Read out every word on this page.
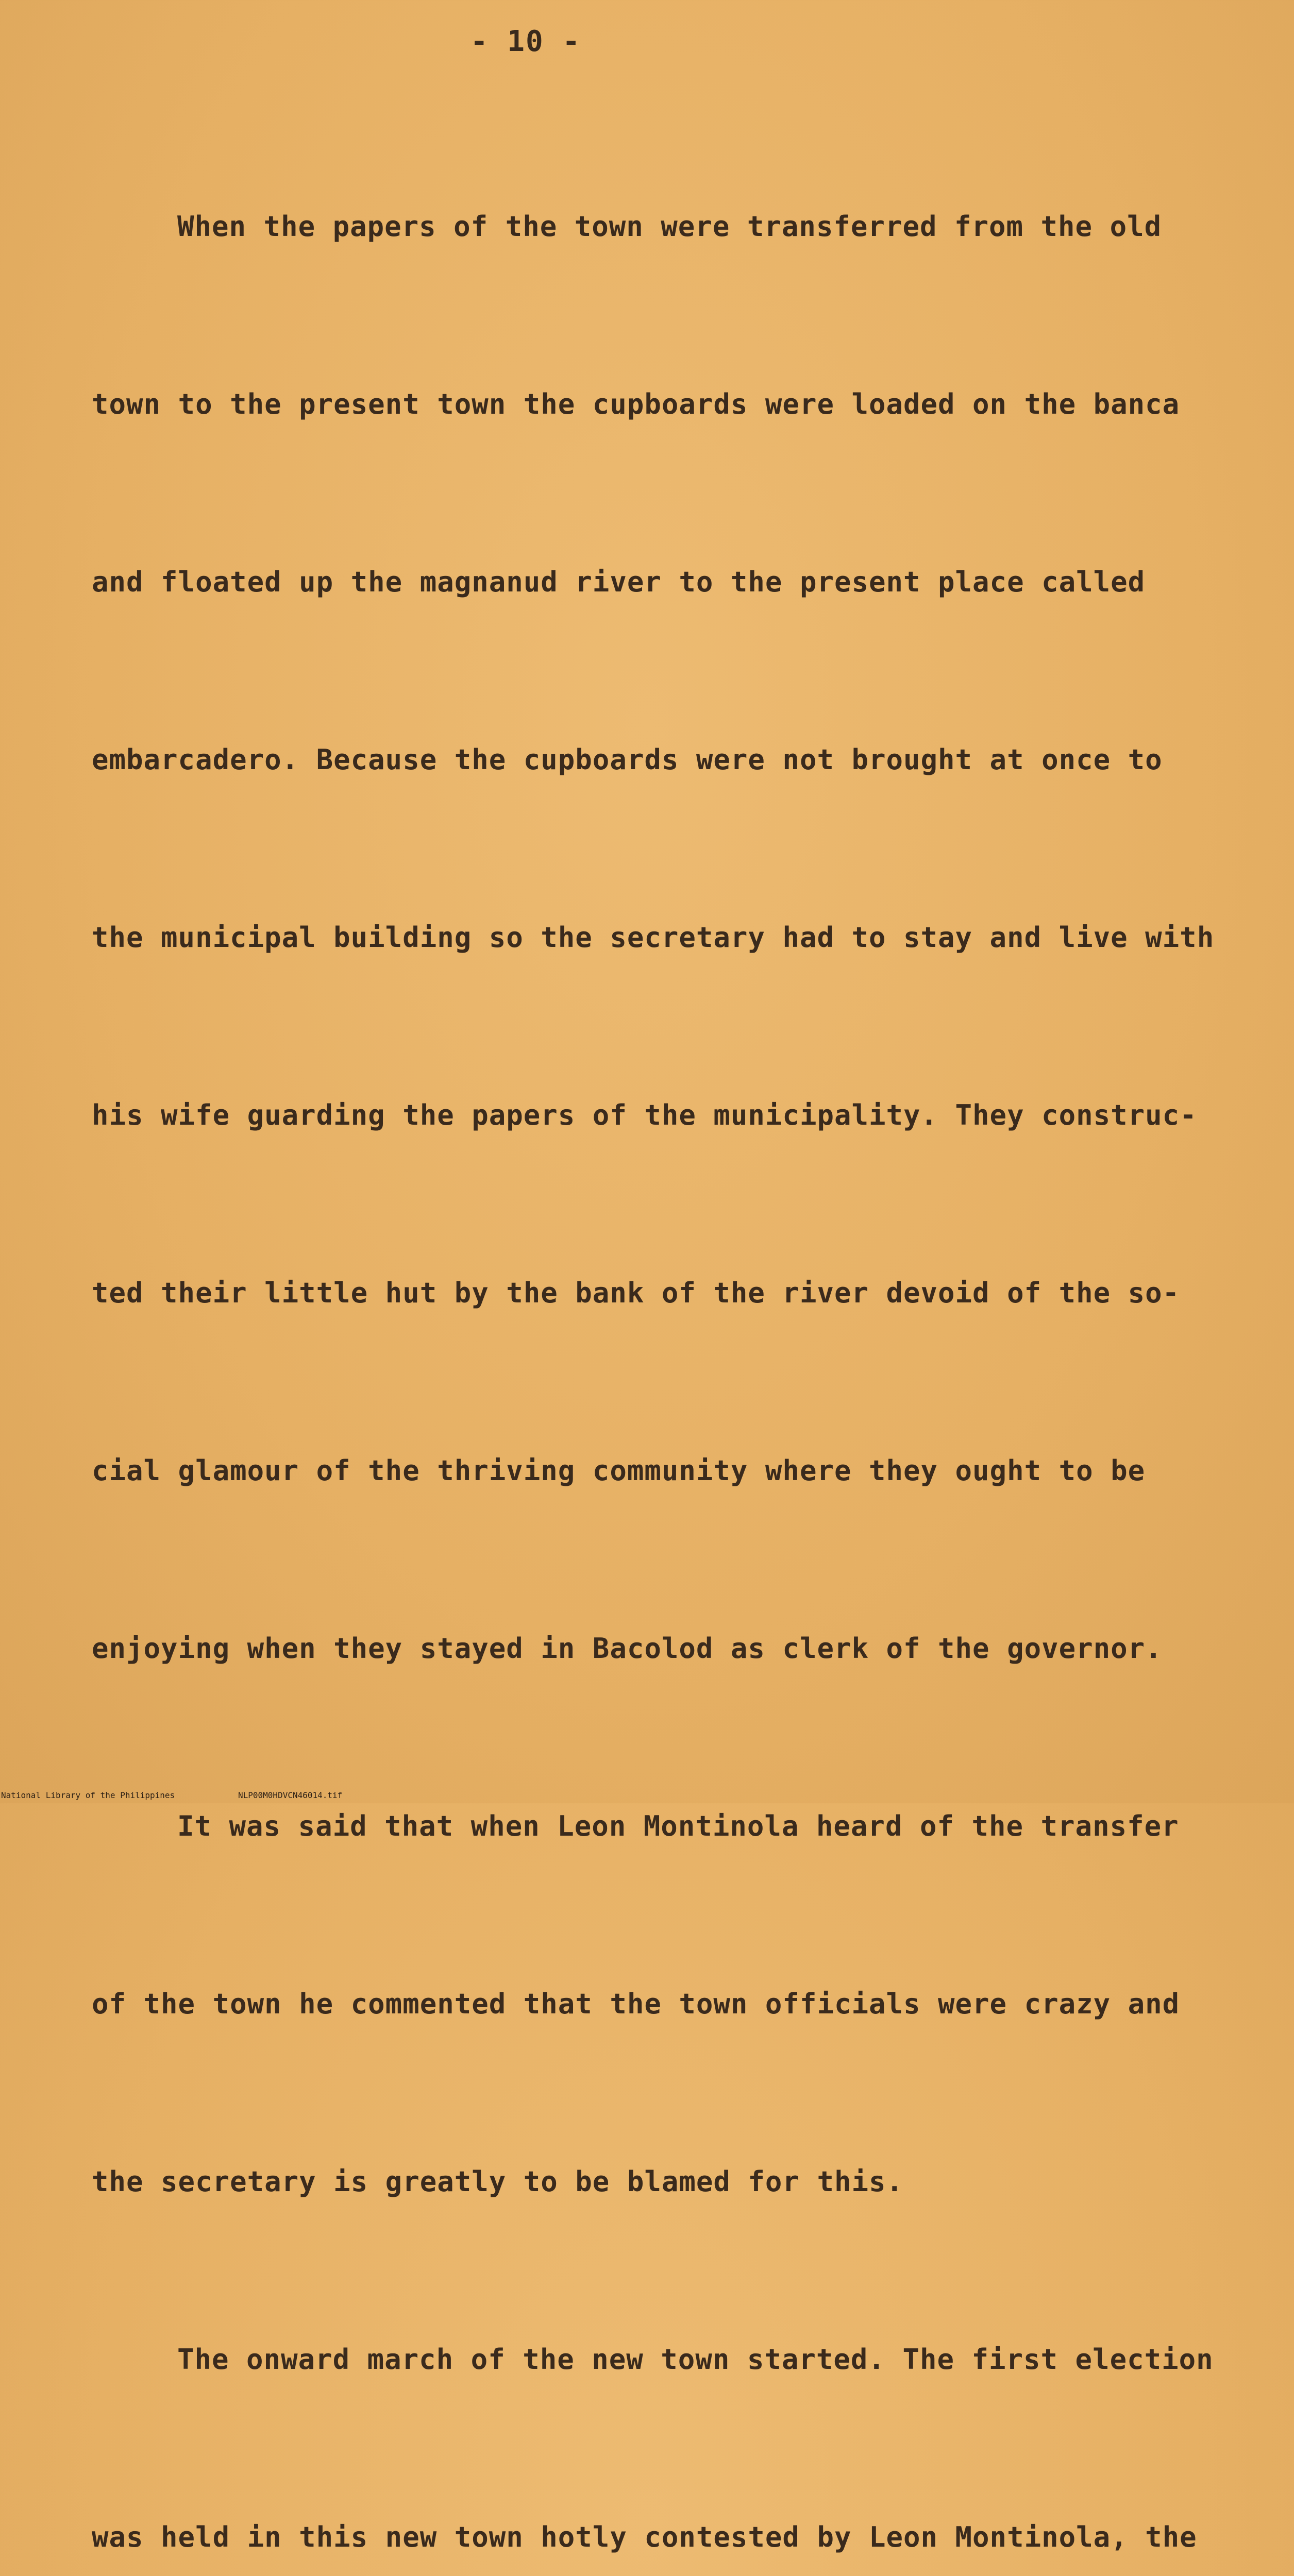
- 10 -

When the papers of the town were transferred from the old

town to the present town the cupboards were loaded on the banca

and floated up the magnanud river to the present place called

embarcadero. Because the cupboards were not brought at once to

the municipal building so the secretary had to stay and live with

his wife guarding the papers of the municipality. They construc-

ted their little hut by the bank of the river devoid of the so-

cial glamour of the thriving community where they ought to be

enjoying when they stayed in Bacolod as clerk of the governor.

It was said that when Leon Montinola heard of the transfer

of the town he commented that the town officials were crazy and

the secretary is greatly to be blamed for this.

The onward march of the new town started. The first election

was held in this new town hotly contested by Leon Montinola, the

National Library of the Philippines

	NLP00M0HDVCN46014.tif
